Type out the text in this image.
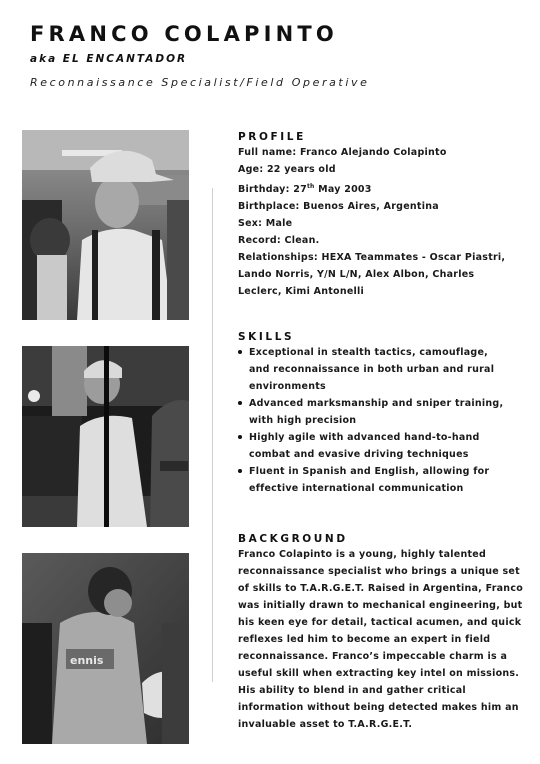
FRANCO COLAPINTO
aka EL ENCANTADOR
Reconnaissance Specialist/Field Operative
ennis
PROFILE
Full name: Franco Alejando Colapinto
Age: 22 years old
Birthday: 27th May 2003
Birthplace: Buenos Aires, Argentina
Sex: Male
Record: Clean.
Relationships: HEXA Teammates - Oscar Piastri,
Lando Norris, Y/N L/N, Alex Albon, Charles
Leclerc, Kimi Antonelli
SKILLS
Exceptional in stealth tactics, camouflage,
and reconnaissance in both urban and rural
environments
Advanced marksmanship and sniper training,
with high precision
Highly agile with advanced hand-to-hand
combat and evasive driving techniques
Fluent in Spanish and English, allowing for
effective international communication
BACKGROUND
Franco Colapinto is a young, highly talented
reconnaissance specialist who brings a unique set
of skills to T.A.R.G.E.T. Raised in Argentina, Franco
was initially drawn to mechanical engineering, but
his keen eye for detail, tactical acumen, and quick
reflexes led him to become an expert in field
reconnaissance. Franco’s impeccable charm is a
useful skill when extracting key intel on missions.
His ability to blend in and gather critical
information without being detected makes him an
invaluable asset to T.A.R.G.E.T.
